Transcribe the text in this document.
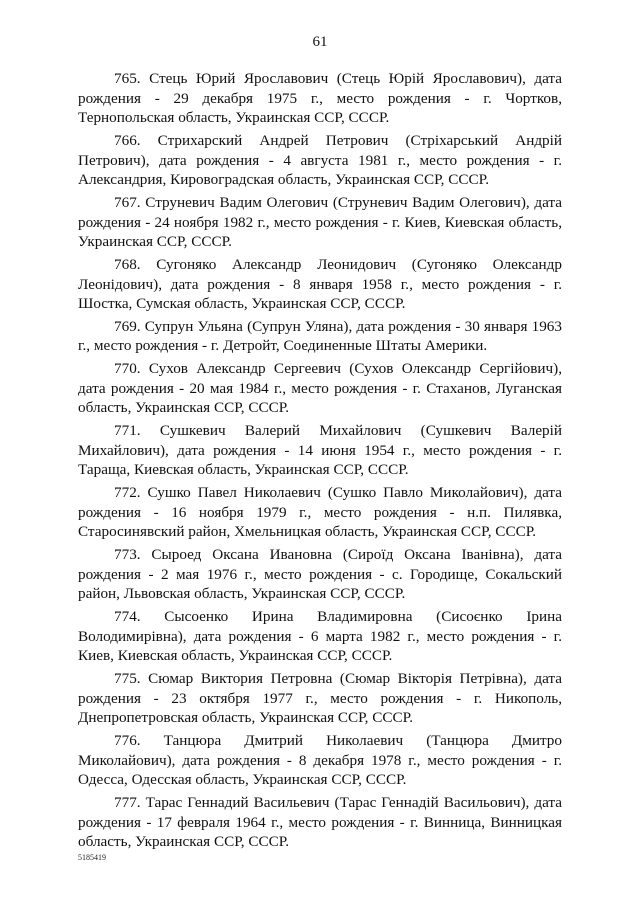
61

765. Стець Юрий Ярославович (Стець Юрій Ярославович), дата рождения - 29 декабря 1975 г., место рождения - г. Чортков, Тернопольская область, Украинская ССР, СССР.

766. Стрихарский Андрей Петрович (Стріхарський Андрій Петрович), дата рождения - 4 августа 1981 г., место рождения - г. Александрия, Кировоградская область, Украинская ССР, СССР.

767. Струневич Вадим Олегович (Струневич Вадим Олегович), дата рождения - 24 ноября 1982 г., место рождения - г. Киев, Киевская область, Украинская ССР, СССР.

768. Сугоняко Александр Леонидович (Сугоняко Олександр Леонідович), дата рождения - 8 января 1958 г., место рождения - г. Шостка, Сумская область, Украинская ССР, СССР.

769. Супрун Ульяна (Супрун Уляна), дата рождения - 30 января 1963 г., место рождения - г. Детройт, Соединенные Штаты Америки.

770. Сухов Александр Сергеевич (Сухов Олександр Сергійович), дата рождения - 20 мая 1984 г., место рождения - г. Стаханов, Луганская область, Украинская ССР, СССР.

771. Сушкевич Валерий Михайлович (Сушкевич Валерій Михайлович), дата рождения - 14 июня 1954 г., место рождения - г. Тараща, Киевская область, Украинская ССР, СССР.

772. Сушко Павел Николаевич (Сушко Павло Миколайович), дата рождения - 16 ноября 1979 г., место рождения - н.п. Пилявка, Старосинявский район, Хмельницкая область, Украинская ССР, СССР.

773. Сыроед Оксана Ивановна (Сироїд Оксана Іванівна), дата рождения - 2 мая 1976 г., место рождения - с. Городище, Сокальский район, Львовская область, Украинская ССР, СССР.

774. Сысоенко Ирина Владимировна (Сисоєнко Ірина Володимирівна), дата рождения - 6 марта 1982 г., место рождения - г. Киев, Киевская область, Украинская ССР, СССР.

775. Сюмар Виктория Петровна (Сюмар Вікторія Петрівна), дата рождения - 23 октября 1977 г., место рождения - г. Никополь, Днепропетровская область, Украинская ССР, СССР.

776. Танцюра Дмитрий Николаевич (Танцюра Дмитро Миколайович), дата рождения - 8 декабря 1978 г., место рождения - г. Одесса, Одесская область, Украинская ССР, СССР.

777. Тарас Геннадий Васильевич (Тарас Геннадій Васильович), дата рождения - 17 февраля 1964 г., место рождения - г. Винница, Винницкая область, Украинская ССР, СССР.

5185419
